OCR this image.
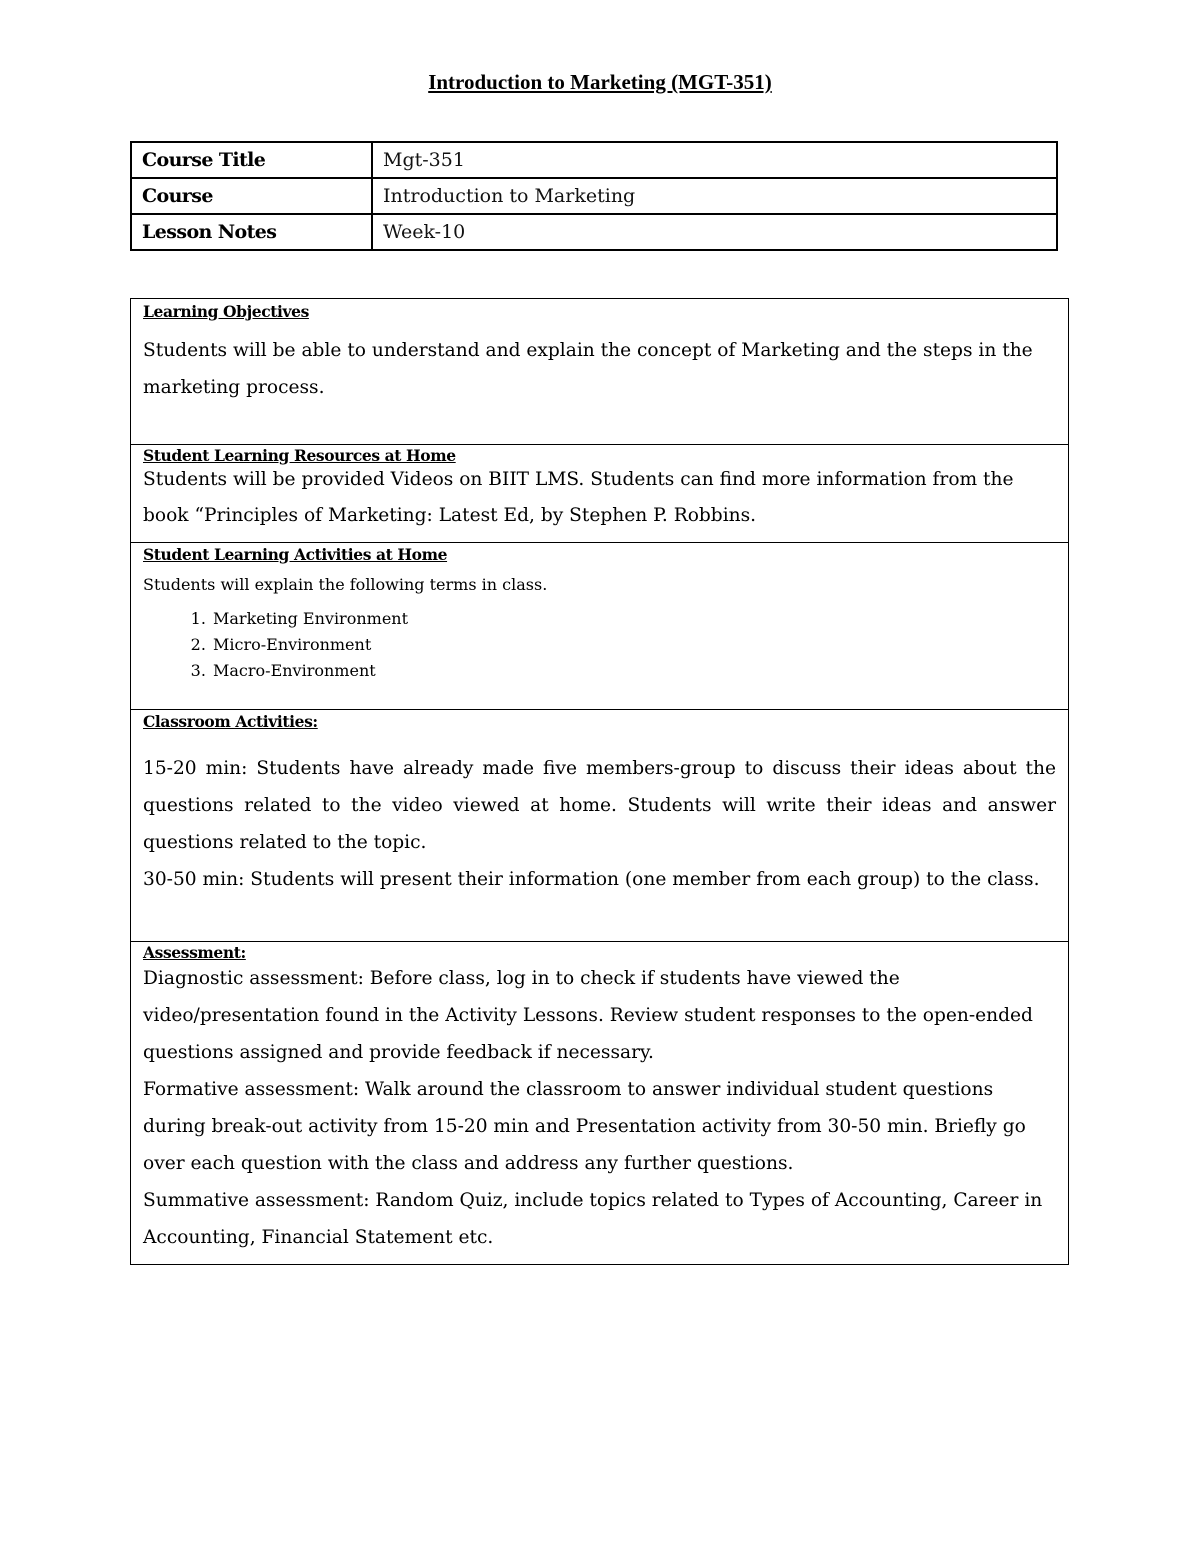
Introduction to Marketing (MGT-351)
Course Title	Mgt-351
Course	Introduction to Marketing
Lesson Notes	Week-10
Learning Objectives
Students will be able to understand and explain the concept of Marketing and the steps in the marketing process.
Student Learning Resources at Home
Students will be provided Videos on BIIT LMS. Students can find more information from the book “Principles of Marketing: Latest Ed, by Stephen P. Robbins.
Student Learning Activities at Home
Students will explain the following terms in class.
1. Marketing Environment
2. Micro-Environment
3. Macro-Environment
Classroom Activities:
15-20 min: Students have already made five members-group to discuss their ideas about the questions related to the video viewed at home. Students will write their ideas and answer questions related to the topic.
30-50 min: Students will present their information (one member from each group) to the class.
Assessment:
Diagnostic assessment: Before class, log in to check if students have viewed the video/presentation found in the Activity Lessons. Review student responses to the open-ended questions assigned and provide feedback if necessary.
Formative assessment: Walk around the classroom to answer individual student questions during break-out activity from 15-20 min and Presentation activity from 30-50 min. Briefly go over each question with the class and address any further questions.
Summative assessment: Random Quiz, include topics related to Types of Accounting, Career in Accounting, Financial Statement etc.
